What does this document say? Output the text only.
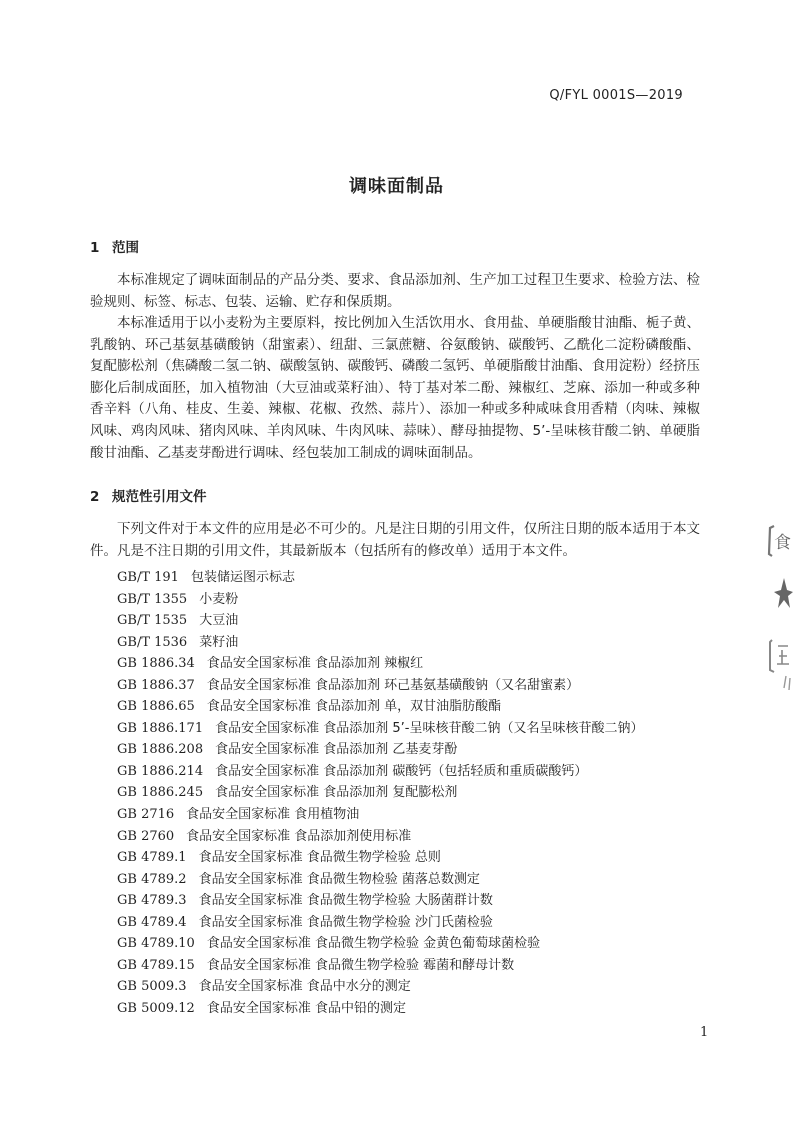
Q/FYL 0001S—2019
调味面制品
1 范围
本标准规定了调味面制品的产品分类、要求、食品添加剂、生产加工过程卫生要求、检验方法、检验规则、标签、标志、包装、运输、贮存和保质期。
本标准适用于以小麦粉为主要原料，按比例加入生活饮用水、食用盐、单硬脂酸甘油酯、栀子黄、乳酸钠、环己基氨基磺酸钠（甜蜜素）、纽甜、三氯蔗糖、谷氨酸钠、碳酸钙、乙酰化二淀粉磷酸酯、复配膨松剂（焦磷酸二氢二钠、碳酸氢钠、碳酸钙、磷酸二氢钙、单硬脂酸甘油酯、食用淀粉）经挤压膨化后制成面胚，加入植物油（大豆油或菜籽油）、特丁基对苯二酚、辣椒红、芝麻、添加一种或多种香辛料（八角、桂皮、生姜、辣椒、花椒、孜然、蒜片）、添加一种或多种咸味食用香精（肉味、辣椒风味、鸡肉风味、猪肉风味、羊肉风味、牛肉风味、蒜味）、酵母抽提物、5’-呈味核苷酸二钠、单硬脂酸甘油酯、乙基麦芽酚进行调味、经包装加工制成的调味面制品。
2 规范性引用文件
下列文件对于本文件的应用是必不可少的。凡是注日期的引用文件，仅所注日期的版本适用于本文件。凡是不注日期的引用文件，其最新版本（包括所有的修改单）适用于本文件。
GB/T 191 包装储运图示标志
GB/T 1355 小麦粉
GB/T 1535 大豆油
GB/T 1536 菜籽油
GB 1886.34 食品安全国家标准 食品添加剂 辣椒红
GB 1886.37 食品安全国家标准 食品添加剂 环己基氨基磺酸钠（又名甜蜜素）
GB 1886.65 食品安全国家标准 食品添加剂 单，双甘油脂肪酸酯
GB 1886.171 食品安全国家标准 食品添加剂 5’-呈味核苷酸二钠（又名呈味核苷酸二钠）
GB 1886.208 食品安全国家标准 食品添加剂 乙基麦芽酚
GB 1886.214 食品安全国家标准 食品添加剂 碳酸钙（包括轻质和重质碳酸钙）
GB 1886.245 食品安全国家标准 食品添加剂 复配膨松剂
GB 2716 食品安全国家标准 食用植物油
GB 2760 食品安全国家标准 食品添加剂使用标准
GB 4789.1 食品安全国家标准 食品微生物学检验 总则
GB 4789.2 食品安全国家标准 食品微生物检验 菌落总数测定
GB 4789.3 食品安全国家标准 食品微生物学检验 大肠菌群计数
GB 4789.4 食品安全国家标准 食品微生物学检验 沙门氏菌检验
GB 4789.10 食品安全国家标准 食品微生物学检验 金黄色葡萄球菌检验
GB 4789.15 食品安全国家标准 食品微生物学检验 霉菌和酵母计数
GB 5009.3 食品安全国家标准 食品中水分的测定
GB 5009.12 食品安全国家标准 食品中铅的测定
1
食
